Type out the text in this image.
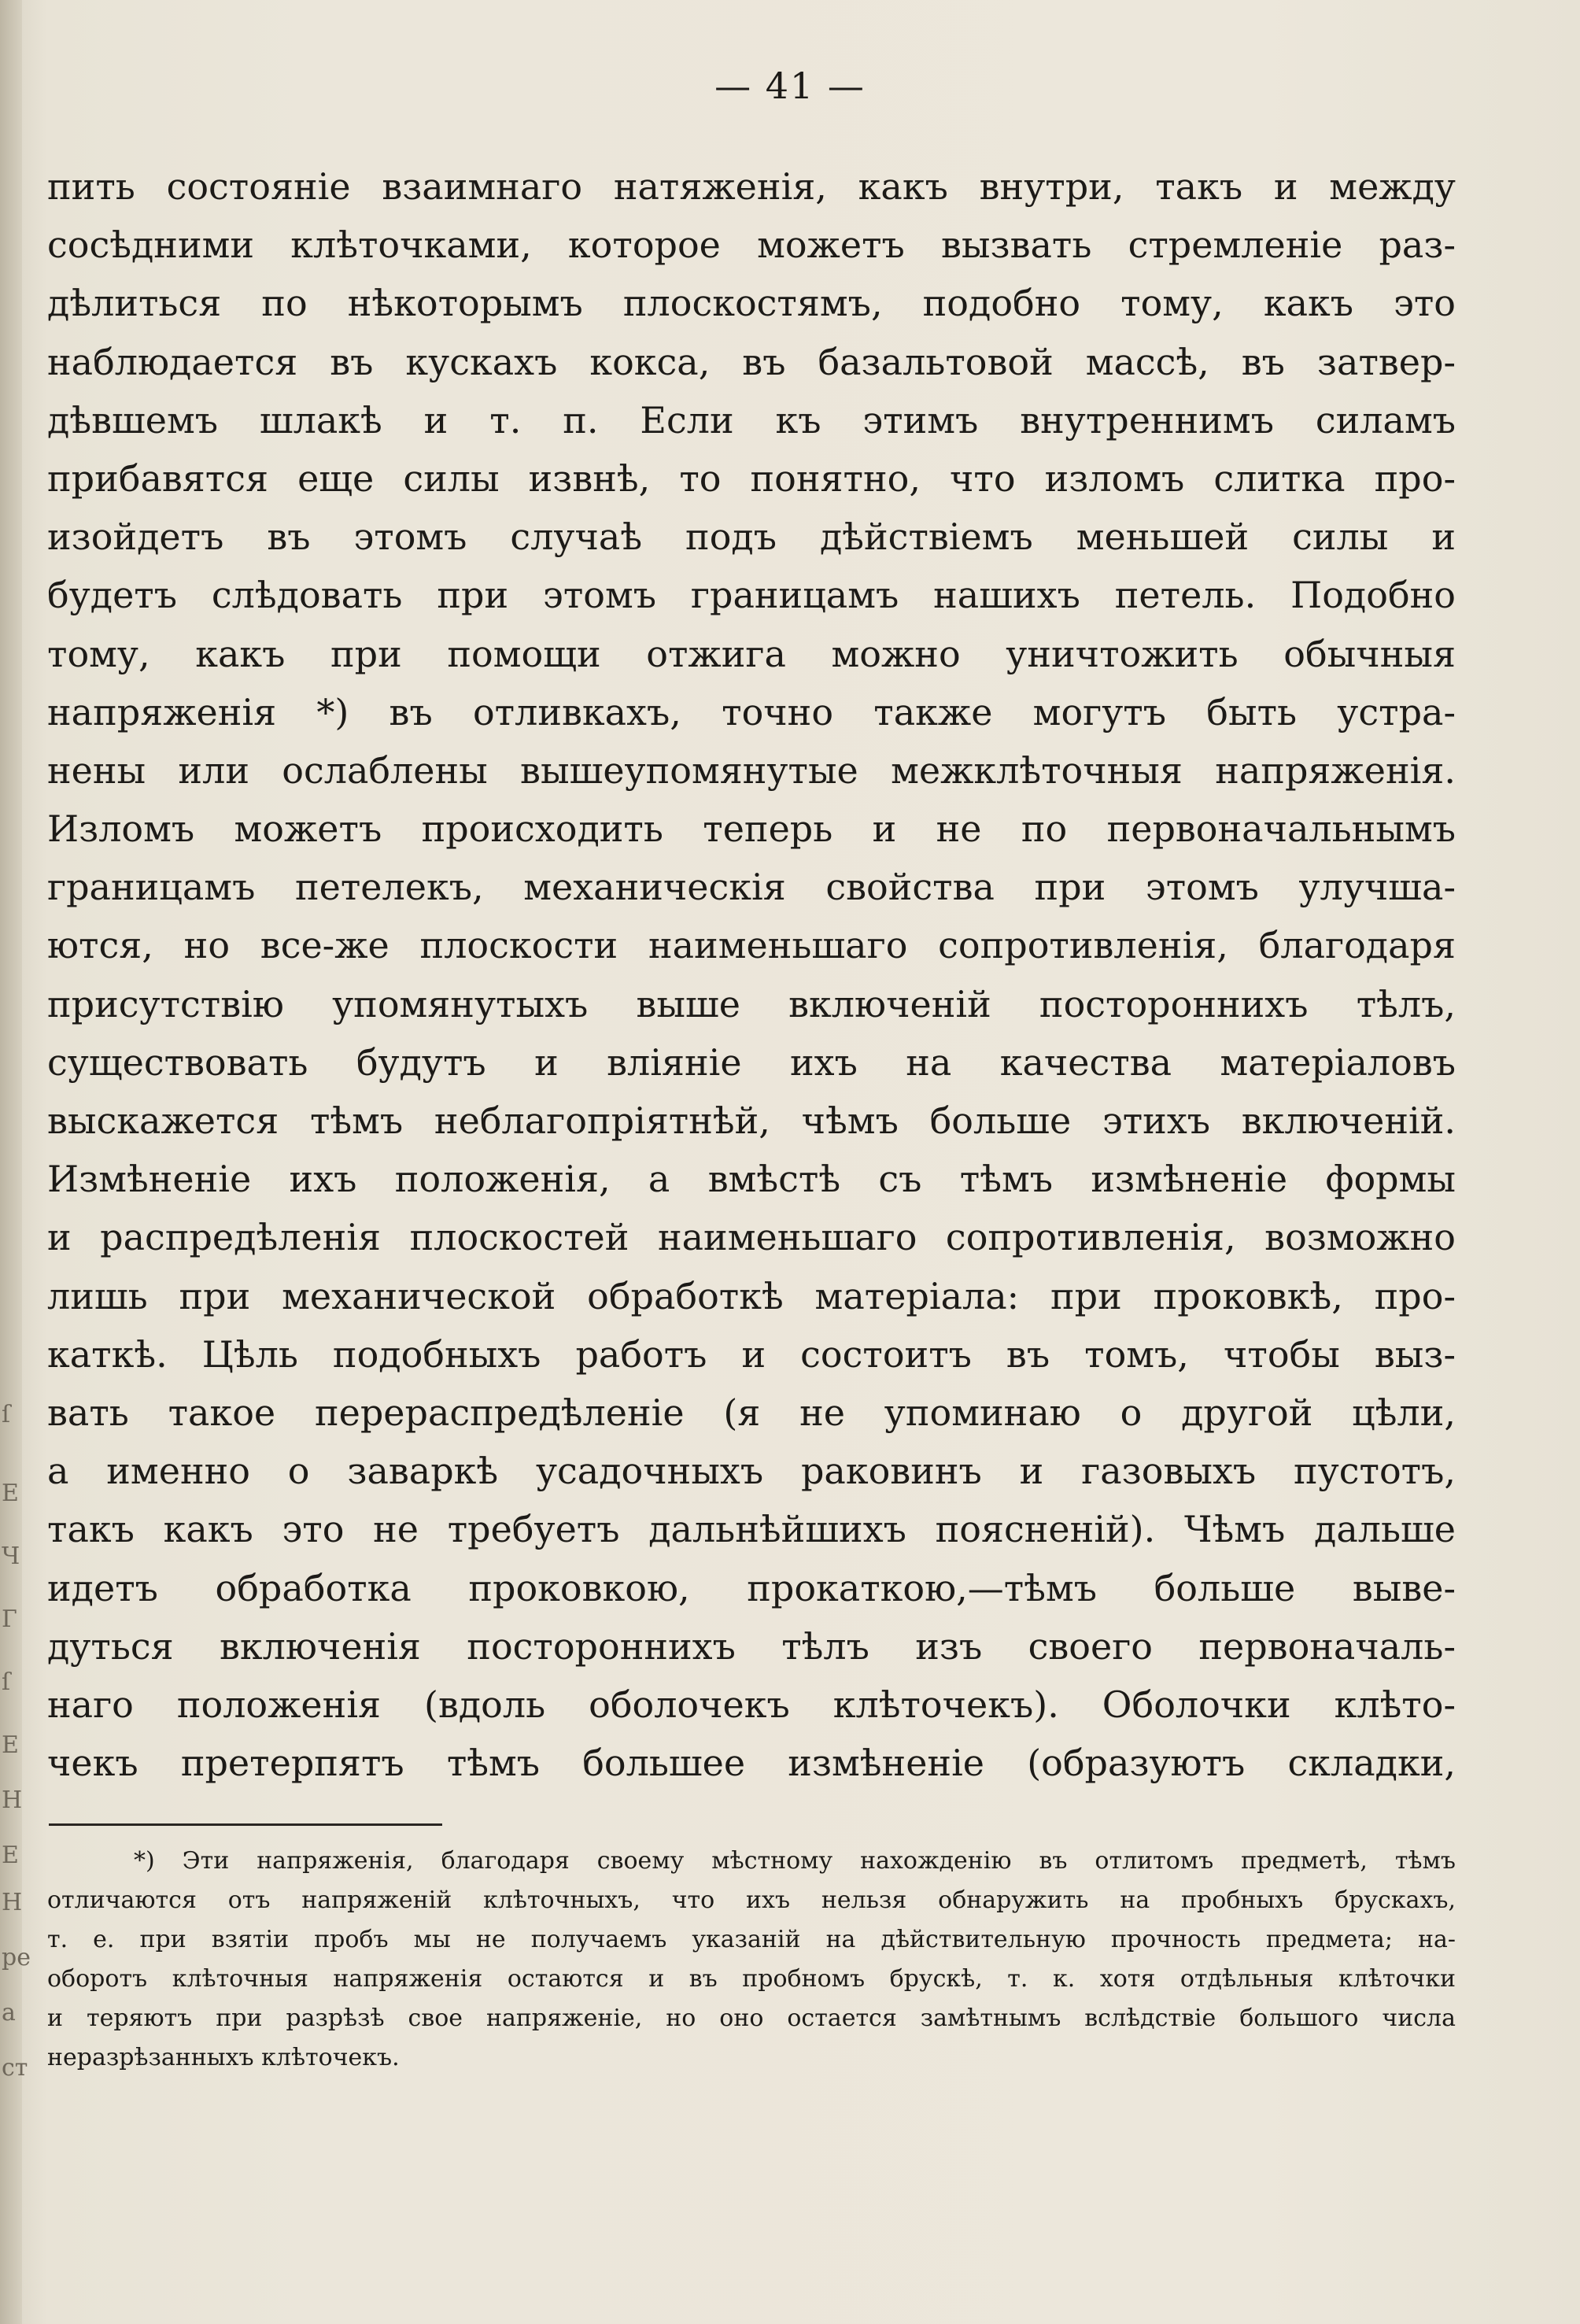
ſ
Е
Ч
Г
ſ
Е
Н
Е
Н
ре
а
ст
— 41 —
пить состояніе взаимнаго натяженія, какъ внутри, такъ и между
сосѣдними клѣточками, которое можетъ вызвать стремленіе раз-
дѣлиться по нѣкоторымъ плоскостямъ, подобно тому, какъ это
наблюдается въ кускахъ кокса, въ базальтовой массѣ, въ затвер-
дѣвшемъ шлакѣ и т. п. Если къ этимъ внутреннимъ силамъ
прибавятся еще силы извнѣ, то понятно, что изломъ слитка про-
изойдетъ въ этомъ случаѣ подъ дѣйствіемъ меньшей силы и
будетъ слѣдовать при этомъ границамъ нашихъ петель. Подобно
тому, какъ при помощи отжига можно уничтожить обычныя
напряженія *) въ отливкахъ, точно также могутъ быть устра-
нены или ослаблены вышеупомянутые межклѣточныя напряженія.
Изломъ можетъ происходить теперь и не по первоначальнымъ
границамъ петелекъ, механическія свойства при этомъ улучша-
ются, но все-же плоскости наименьшаго сопротивленія, благодаря
присутствію упомянутыхъ выше включеній постороннихъ тѣлъ,
существовать будутъ и вліяніе ихъ на качества матеріаловъ
выскажется тѣмъ неблагопріятнѣй, чѣмъ больше этихъ включеній.
Измѣненіе ихъ положенія, а вмѣстѣ съ тѣмъ измѣненіе формы
и распредѣленія плоскостей наименьшаго сопротивленія, возможно
лишь при механической обработкѣ матеріала: при проковкѣ, про-
каткѣ. Цѣль подобныхъ работъ и состоитъ въ томъ, чтобы выз-
вать такое перераспредѣленіе (я не упоминаю о другой цѣли,
а именно о заваркѣ усадочныхъ раковинъ и газовыхъ пустотъ,
такъ какъ это не требуетъ дальнѣйшихъ поясненій). Чѣмъ дальше
идетъ обработка проковкою, прокаткою,—тѣмъ больше выве-
дуться включенія постороннихъ тѣлъ изъ своего первоначаль-
наго положенія (вдоль оболочекъ клѣточекъ). Оболочки клѣто-
чекъ претерпятъ тѣмъ большее измѣненіе (образуютъ складки,
*) Эти напряженія, благодаря своему мѣстному нахожденію въ отлитомъ предметѣ, тѣмъ
отличаются отъ напряженій клѣточныхъ, что ихъ нельзя обнаружить на пробныхъ брускахъ,
т. е. при взятіи пробъ мы не получаемъ указаній на дѣйствительную прочность предмета; на-
оборотъ клѣточныя напряженія остаются и въ пробномъ брускѣ, т. к. хотя отдѣльныя клѣточки
и теряютъ при разрѣзѣ свое напряженіе, но оно остается замѣтнымъ вслѣдствіе большого числа
неразрѣзанныхъ клѣточекъ.
